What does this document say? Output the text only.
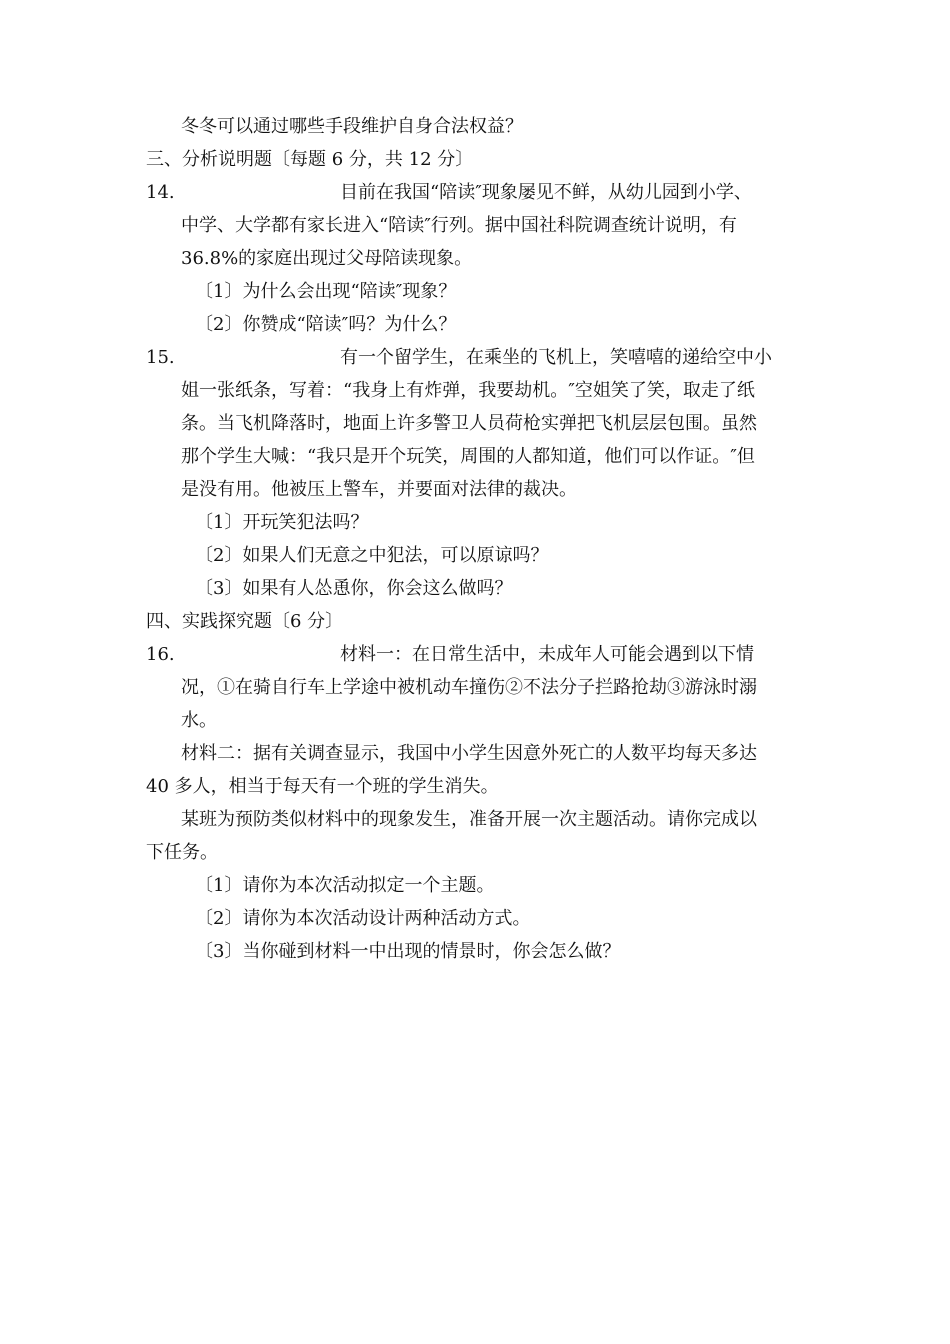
冬冬可以通过哪些手段维护自身合法权益？

三、分析说明题〔每题 6 分，共 12 分〕

14.	目前在我国“陪读″现象屡见不鲜，从幼儿园到小学、

中学、大学都有家长进入“陪读″行列。据中国社科院调查统计说明，有

36.8%的家庭出现过父母陪读现象。

〔1〕为什么会出现“陪读″现象？

〔2〕你赞成“陪读″吗？为什么？

15.	有一个留学生，在乘坐的飞机上，笑嘻嘻的递给空中小

姐一张纸条，写着：“我身上有炸弹，我要劫机。″空姐笑了笑，取走了纸

条。当飞机降落时，地面上许多警卫人员荷枪实弹把飞机层层包围。虽然

那个学生大喊：“我只是开个玩笑，周围的人都知道，他们可以作证。″但

是没有用。他被压上警车，并要面对法律的裁决。

〔1〕开玩笑犯法吗？

〔2〕如果人们无意之中犯法，可以原谅吗？

〔3〕如果有人怂恿你，你会这么做吗？

四、实践探究题〔6 分〕

16.	材料一：在日常生活中，未成年人可能会遇到以下情

况，①在骑自行车上学途中被机动车撞伤②不法分子拦路抢劫③游泳时溺

水。

材料二：据有关调查显示，我国中小学生因意外死亡的人数平均每天多达

40 多人，相当于每天有一个班的学生消失。

某班为预防类似材料中的现象发生，准备开展一次主题活动。请你完成以

下任务。

〔1〕请你为本次活动拟定一个主题。

〔2〕请你为本次活动设计两种活动方式。

〔3〕当你碰到材料一中出现的情景时，你会怎么做？
